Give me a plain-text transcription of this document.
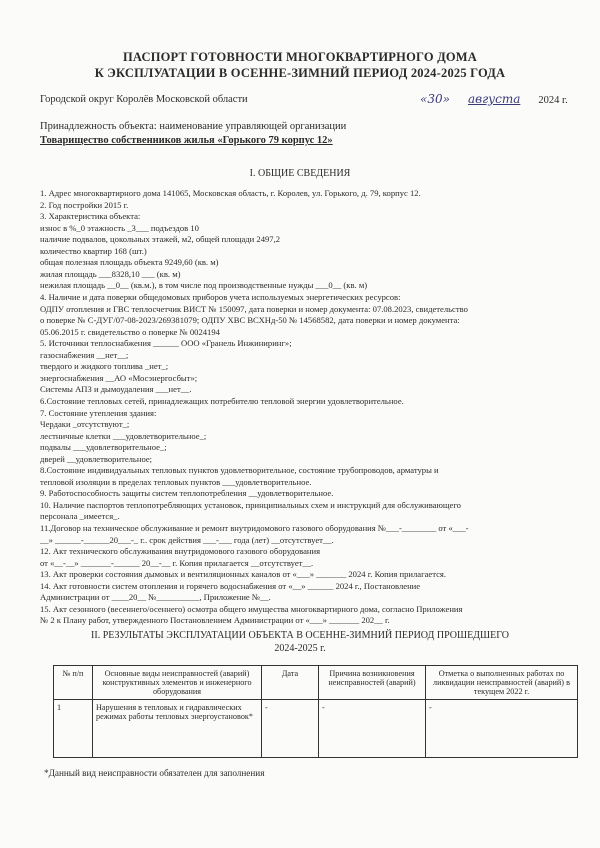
ПАСПОРТ ГОТОВНОСТИ МНОГОКВАРТИРНОГО ДОМА
К ЭКСПЛУАТАЦИИ В ОСЕННЕ-ЗИМНИЙ ПЕРИОД 2024-2025 ГОДА
Городской округ Королёв Московской области	«30» августа 2024 г.
Принадлежность объекта: наименование управляющей организации
Товарищество собственников жилья «Горького 79 корпус 12»
I. ОБЩИЕ СВЕДЕНИЯ
1. Адрес многоквартирного дома 141065, Московская область, г. Королев, ул. Горького, д. 79, корпус 12.
2. Год постройки 2015 г.
3. Характеристика объекта:
износ в %_0 этажность _3___ подъездов 10
наличие подвалов, цокольных этажей, м2, общей площади 2497,2
количество квартир 168 (шт.)
общая полезная площадь объекта 9249,60 (кв. м)
жилая площадь ___8328,10 ___ (кв. м)
нежилая площадь __0__ (кв.м.), в том числе под производственные нужды ___0__ (кв. м)
4. Наличие и дата поверки общедомовых приборов учета используемых энергетических ресурсов:
ОДПУ отопления и ГВС теплосчетчик ВИСТ № 150097, дата поверки и номер документа: 07.08.2023, свидетельство
о поверке № С-ДУГ/07-08-2023/269381079; ОДПУ ХВС ВСХНд-50 № 14568582, дата поверки и номер документа:
05.06.2015 г. свидетельство о поверке № 0024194
5. Источники теплоснабжения ______ ООО «Гранель Инжиниринг»;
газоснабжения __нет__;
твердого и жидкого топлива _нет_;
энергоснабжения __АО «Мосэнергосбыт»;
Системы АПЗ и дымоудаления ___нет__.
6.Состояние тепловых сетей, принадлежащих потребителю тепловой энергии удовлетворительное.
7. Состояние утепления здания:
Чердаки _отсутствуют_;
лестничные клетки ___удовлетворительное_;
подвалы ___удовлетворительное_;
дверей __удовлетворительное;
8.Состояние индивидуальных тепловых пунктов удовлетворительное, состояние трубопроводов, арматуры и
тепловой изоляции в пределах тепловых пунктов ___удовлетворительное.
9. Работоспособность защиты систем теплопотребления __удовлетворительное.
10. Наличие паспортов теплопотребляющих установок, принципиальных схем и инструкций для обслуживающего
персонала _имеется_.
11.Договор на техническое обслуживание и ремонт внутридомового газового оборудования №___-________ от «___-
__» ______-______20___-_ г.. срок действия ___-___ года (лет) __отсутствует__.
12. Акт технического обслуживания внутридомового газового оборудования
от «__-__» _______-______ 20__-__ г. Копия прилагается __отсутствует__.
13. Акт проверки состояния дымовых и вентиляционных каналов от «___» _______ 2024 г. Копия прилагается.
14. Акт готовности систем отопления и горячего водоснабжения от «__» ______ 2024 г., Постановление
Администрации от ____20__ №__________, Приложение №__.
15. Акт сезонного (весеннего/осеннего) осмотра общего имущества многоквартирного дома, согласно Приложения
№ 2 к Плану работ, утвержденного Постановлением Администрации от «___» _______ 202__ г.
II. РЕЗУЛЬТАТЫ ЭКСПЛУАТАЦИИ ОБЪЕКТА В ОСЕННЕ-ЗИМНИЙ ПЕРИОД ПРОШЕДШЕГО
2024-2025 г.
№ п/п	Основные виды неисправностей (аварий) конструктивных элементов и инженерного оборудования	Дата	Причина возникновения неисправностей (аварий)	Отметка о выполненных работах по ликвидации неисправностей (аварий) в текущем 2022 г.
1	Нарушения в тепловых и гидравлических режимах работы тепловых энергоустановок*	-	-	-
*Данный вид неисправности обязателен для заполнения
